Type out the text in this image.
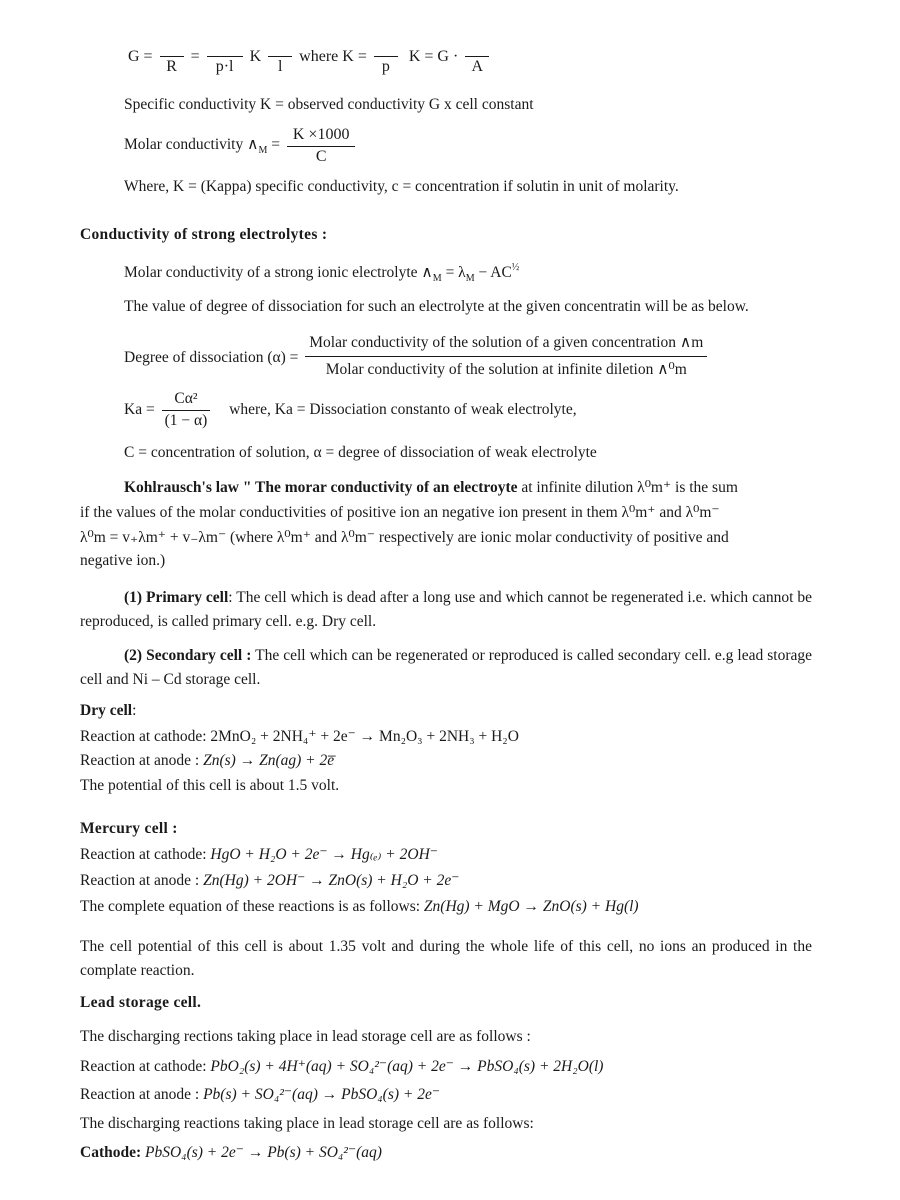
G =
R
=
p·l
K
l
where K =
p
K = G ·
A
Specific conductivity K = observed conductivity G x cell constant
Molar conductivity $\wedge_M = \frac{K \times 1000}{C}$
Where, K = (Kappa) specific conductivity, c = concentration if solutin in unit of molarity.
Conductivity of strong electrolytes :
Molar conductivity of a strong ionic electrolyte $\wedge_M = \lambda_M - AC^{\frac{1}{2}}$
The value of degree of dissociation for such an electrolyte at the given concentratin will be as below.
Degree of dissociation (α) =
Molar conductivity of the solution of a given concentration ∧m
Molar conductivity of the solution at infinite diletion ∧⁰m
$Ka = \frac{\text{Cα²}}{(1 - \alpha)}$ where, Ka = Dissociation constanto of weak electrolyte,
C = concentration of solution, α = degree of dissociation of weak electrolyte
Kohlrausch's law " The morar conductivity of an electroyte at infinite dilution λ⁰m⁺ is the sum
if the values of the molar conductivities of positive ion an negative ion present in them λ⁰m⁺ and λ⁰m⁻
λ⁰m = v₊λm⁺ + v₋λm⁻ (where λ⁰m⁺ and λ⁰m⁻ respectively are ionic molar conductivity of positive and
negative ion.)
(1) Primary cell: The cell which is dead after a long use and which cannot be regenerated i.e. which cannot be reproduced, is called primary cell. e.g. Dry cell.
(2) Secondary cell : The cell which can be regenerated or reproduced is called secondary cell. e.g lead storage cell and Ni – Cd storage cell.
Dry cell:
Reaction at cathode: 2MnO₂ + 2NH₄⁺ + 2e⁻ → Mn₂O₃ + 2NH₃ + H₂O
Reaction at anode : Zn(s) → Zn(ag) + 2e̅
The potential of this cell is about 1.5 volt.
Mercury cell :
Reaction at cathode: HgO + H₂O + 2e⁻ → Hg₍ₑ₎ + 2OH⁻
Reaction at anode : Zn(Hg) + 2OH⁻ → ZnO(s) + H₂O + 2e⁻
The complete equation of these reactions is as follows: Zn(Hg) + MgO → ZnO(s) + Hg(l)
The cell potential of this cell is about 1.35 volt and during the whole life of this cell, no ions an produced in the complate reaction.
Lead storage cell.
The discharging rections taking place in lead storage cell are as follows :
Reaction at cathode: PbO₂(s) + 4H⁺(aq) + SO₄²⁻(aq) + 2e⁻ → PbSO₄(s) + 2H₂O(l)
Reaction at anode : Pb(s) + SO₄²⁻(aq) → PbSO₄(s) + 2e⁻
The discharging reactions taking place in lead storage cell are as follows:
Cathode: PbSO₄(s) + 2e⁻ → Pb(s) + SO₄²⁻(aq)
